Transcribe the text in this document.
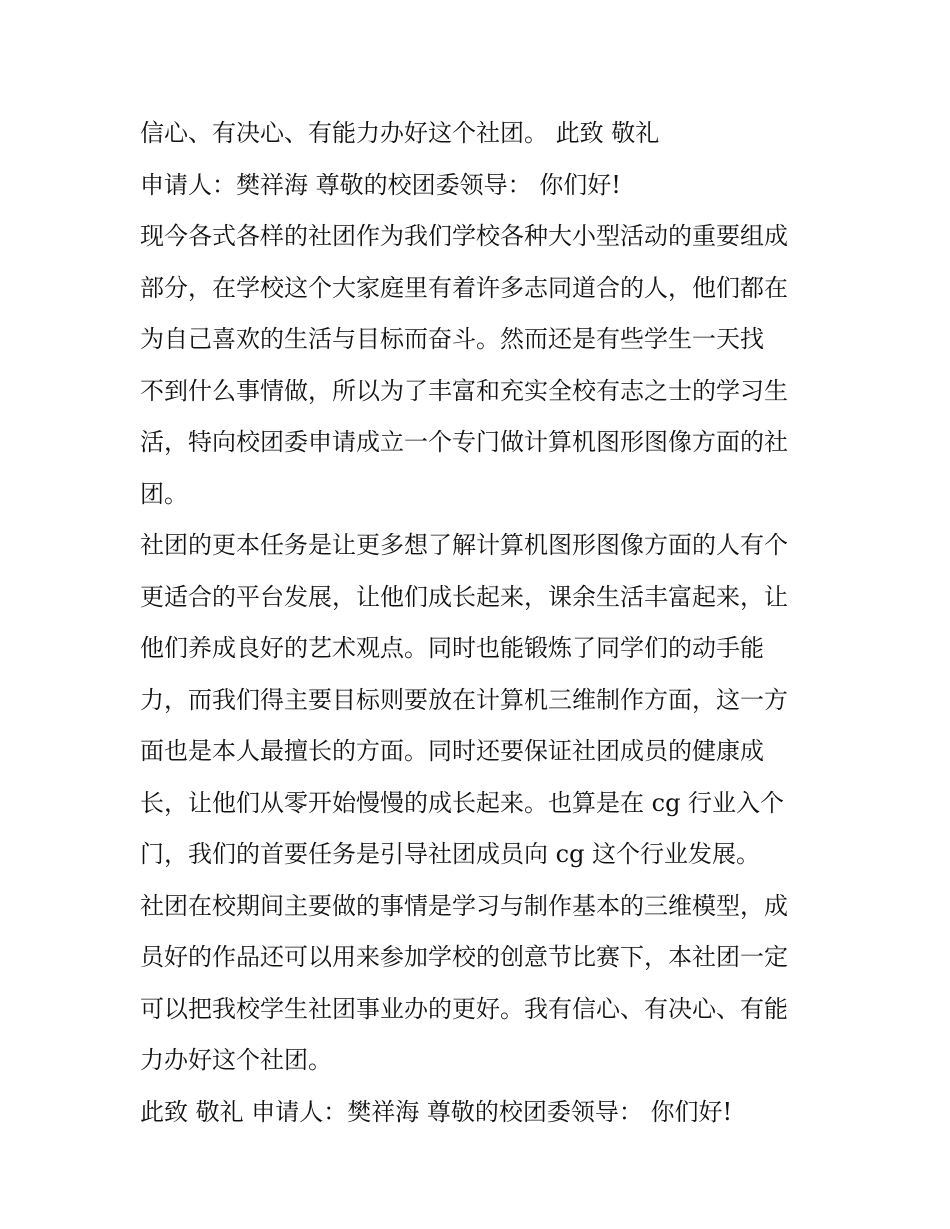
信心、有决心、有能力办好这个社团。 此致 敬礼
申请人：樊祥海 尊敬的校团委领导： 你们好!
现今各式各样的社团作为我们学校各种大小型活动的重要组成
部分，在学校这个大家庭里有着许多志同道合的人，他们都在
为自己喜欢的生活与目标而奋斗。然而还是有些学生一天找
不到什么事情做，所以为了丰富和充实全校有志之士的学习生
活，特向校团委申请成立一个专门做计算机图形图像方面的社
团。
社团的更本任务是让更多想了解计算机图形图像方面的人有个
更适合的平台发展，让他们成长起来，课余生活丰富起来，让
他们养成良好的艺术观点。同时也能锻炼了同学们的动手能
力，而我们得主要目标则要放在计算机三维制作方面，这一方
面也是本人最擅长的方面。同时还要保证社团成员的健康成
长，让他们从零开始慢慢的成长起来。也算是在 cg 行业入个
门，我们的首要任务是引导社团成员向 cg 这个行业发展。
社团在校期间主要做的事情是学习与制作基本的三维模型，成
员好的作品还可以用来参加学校的创意节比赛下，本社团一定
可以把我校学生社团事业办的更好。我有信心、有决心、有能
力办好这个社团。
此致 敬礼 申请人：樊祥海 尊敬的校团委领导： 你们好!
